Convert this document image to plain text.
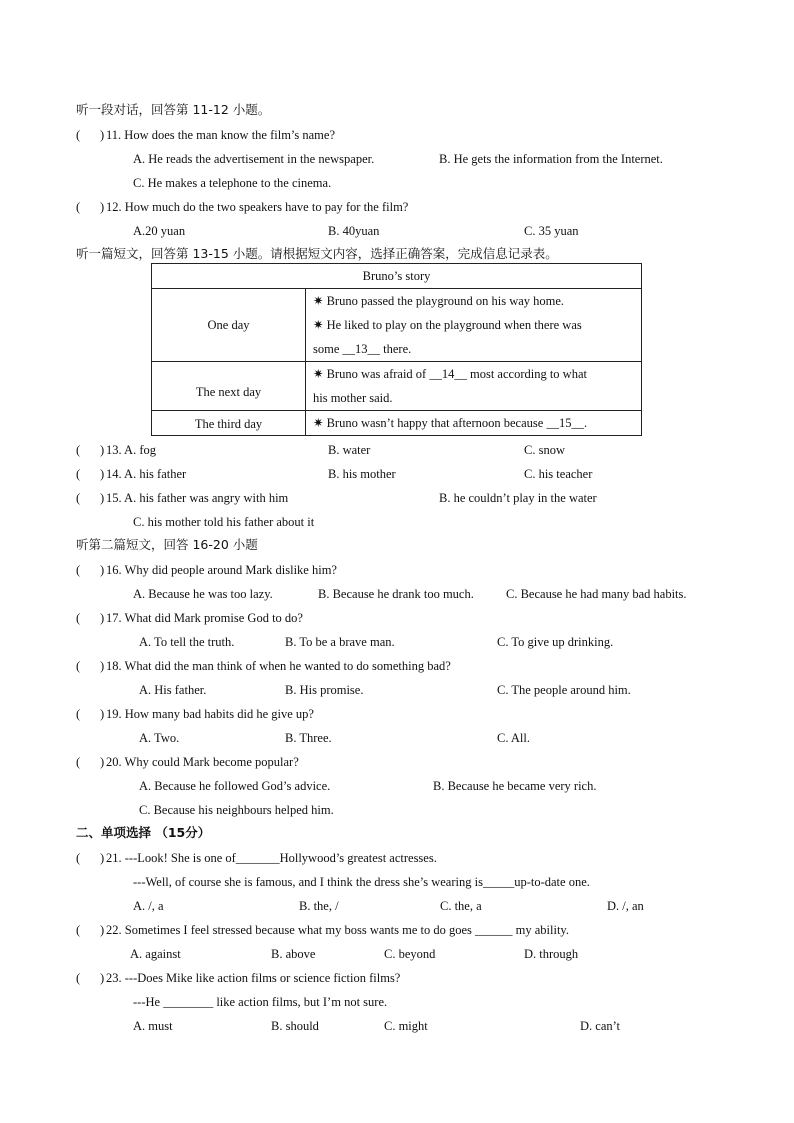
听一段对话，回答第 11-12 小题。
( ) 11. How does the man know the film’s name?
A. He reads the advertisement in the newspaper.	B. He gets the information from the Internet.
C. He makes a telephone to the cinema.
( ) 12. How much do the two speakers have to pay for the film?
A.20 yuan	B. 40yuan	C. 35 yuan
听一篇短文，回答第 13-15 小题。请根据短文内容，选择正确答案，完成信息记录表。
Bruno’s story	
One day	✷ Bruno passed the playground on his way home.
✷ He liked to play on the playground when there was
some __13__ there.

The next day	✷ Bruno was afraid of __14__ most according to what
his mother said.

The third day	✷ Bruno wasn’t happy that afternoon because __15__.
( ) 13. A. fog	B. water	C. snow
( ) 14. A. his father	B. his mother	C. his teacher
( ) 15. A. his father was angry with him	B. he couldn’t play in the water
C. his mother told his father about it
听第二篇短文，回答 16-20 小题
( ) 16. Why did people around Mark dislike him?
A. Because he was too lazy.	B. Because he drank too much.	C. Because he had many bad habits.
( ) 17. What did Mark promise God to do?
A. To tell the truth.	B. To be a brave man.	C. To give up drinking.
( ) 18. What did the man think of when he wanted to do something bad?
A. His father.	B. His promise.	C. The people around him.
( ) 19. How many bad habits did he give up?
A. Two.	B. Three.	C. All.
( ) 20. Why could Mark become popular?
A. Because he followed God’s advice.	B. Because he became very rich.
C. Because his neighbours helped him.
二、单项选择 （15分）
( ) 21. ---Look! She is one of_______Hollywood’s greatest actresses.
---Well, of course she is famous, and I think the dress she’s wearing is_____up-to-date one.
A. /, a	B. the, /	C. the, a	D. /, an
( ) 22. Sometimes I feel stressed because what my boss wants me to do goes ______ my ability.
A. against	B. above	C. beyond	D. through
( ) 23. ---Does Mike like action films or science fiction films?
---He ________ like action films, but I’m not sure.
A. must	B. should	C. might	D. can’t
